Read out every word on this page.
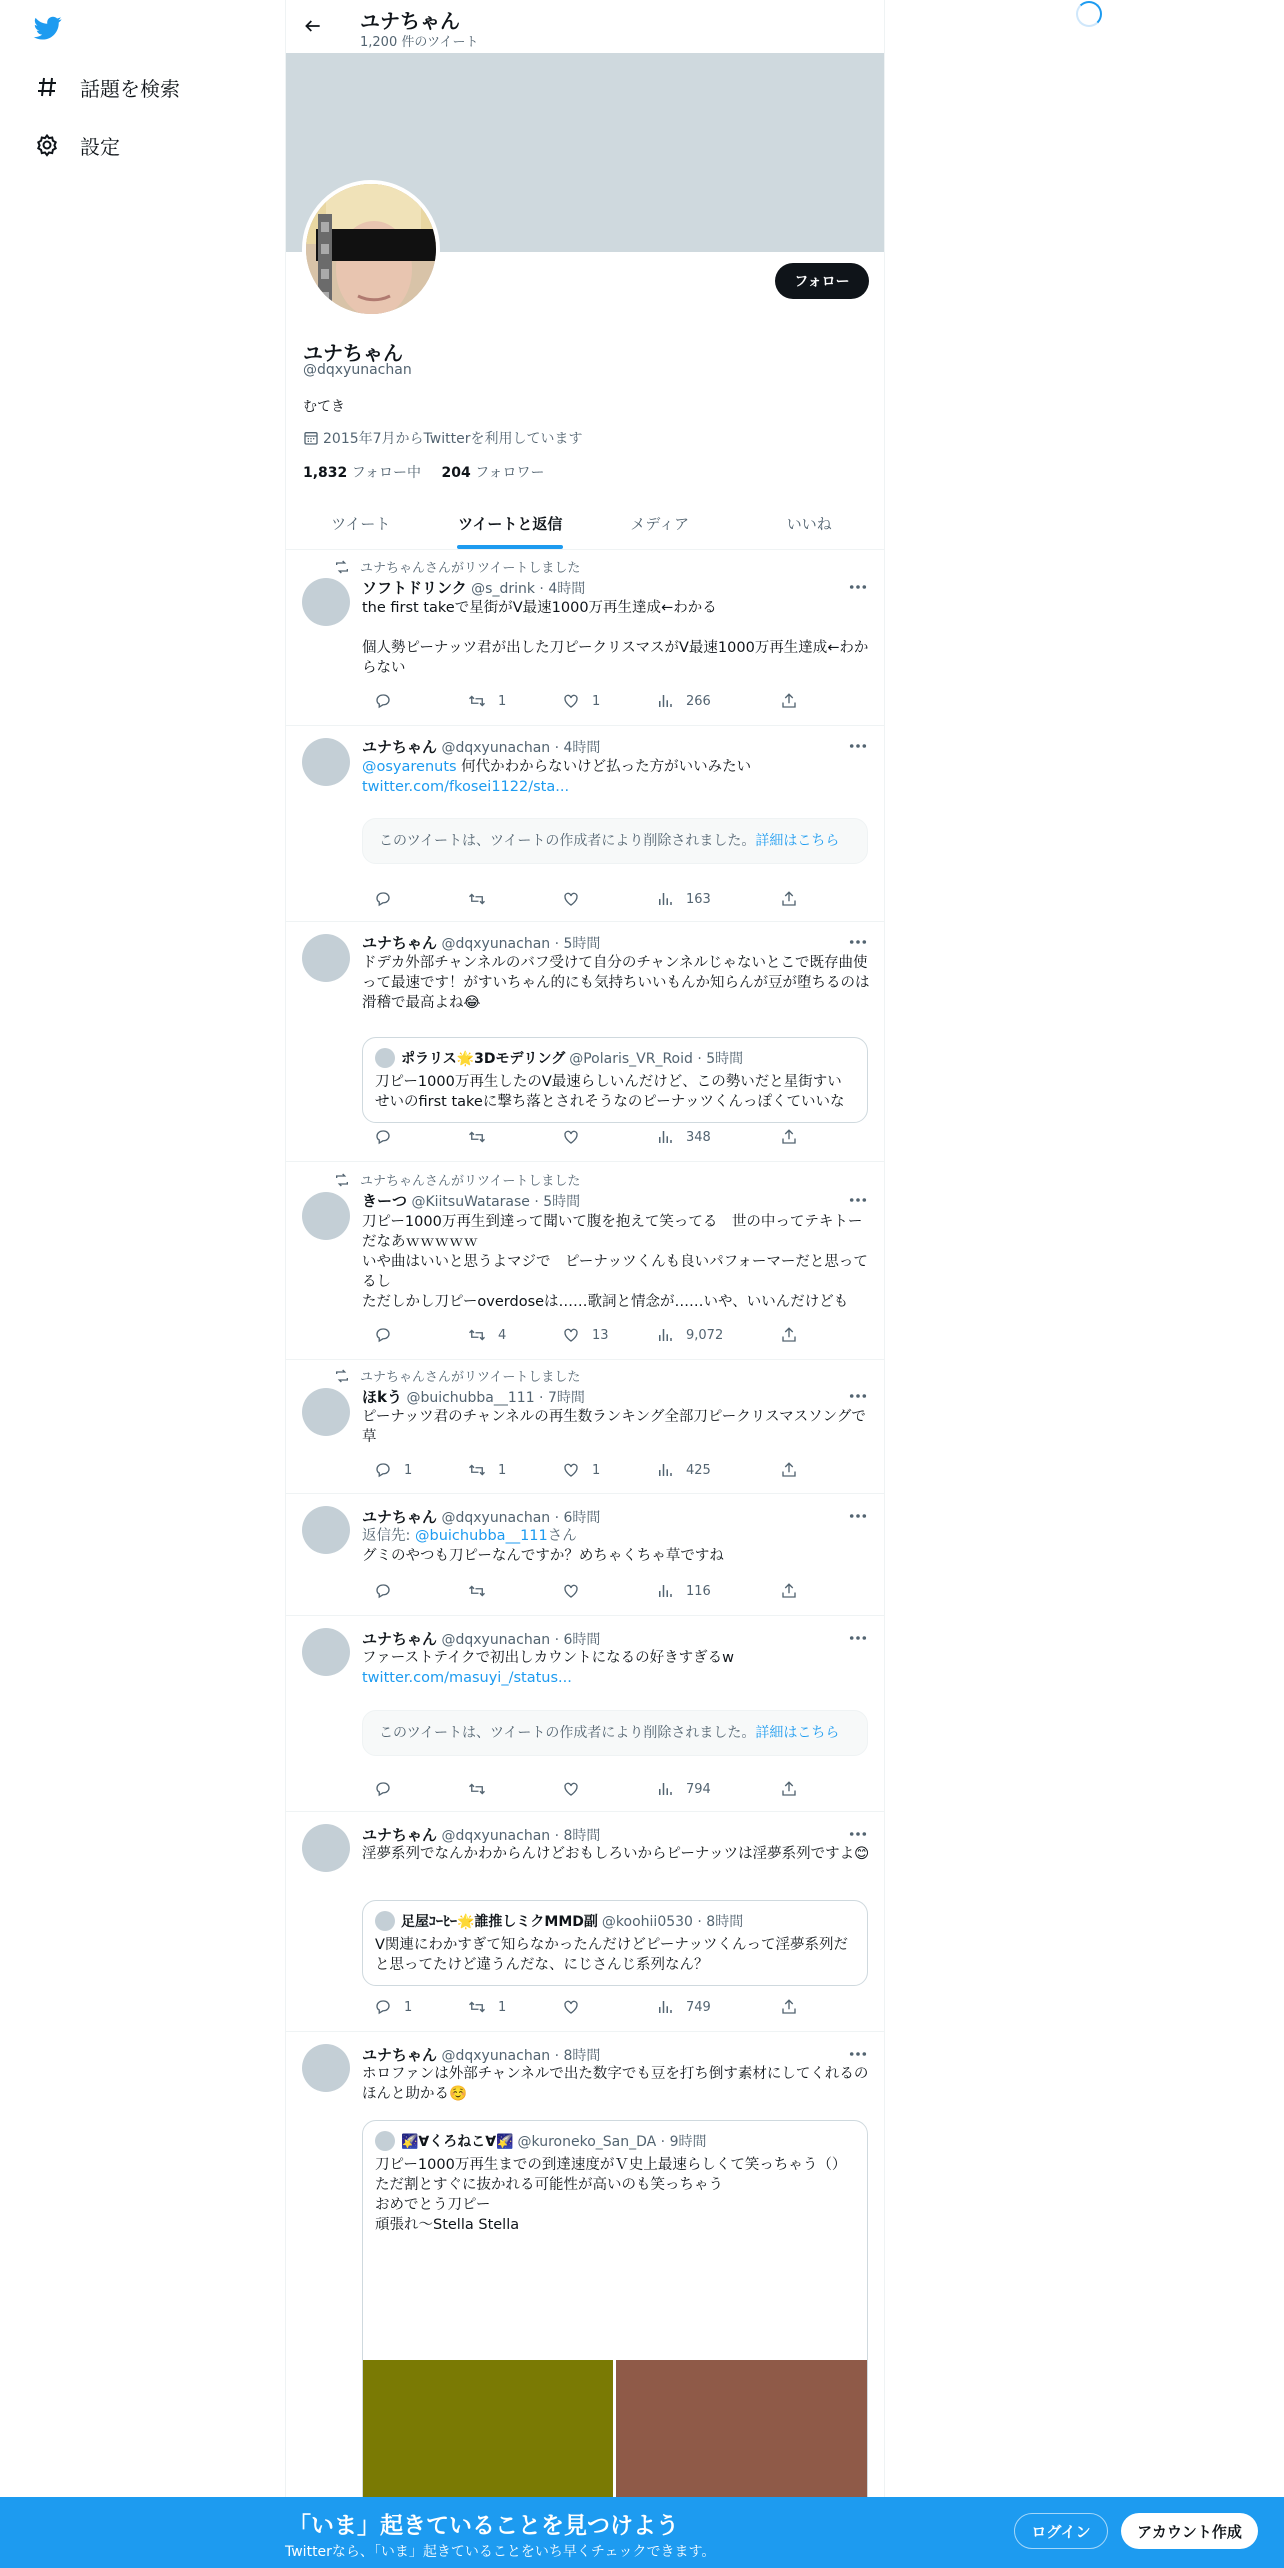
話題を検索
設定
ユナちゃん
1,200 件のツイート
フォロー
ユナちゃん
@dqxyunachan
むてき
2015年7月からTwitterを利用しています
1,832 フォロー中 204 フォロワー
ツイート	ツイートと返信	メディア	いいね
ユナちゃんさんがリツイートしました
ソフトドリンク @s_drink · 4時間
the first takeで星街がV最速1000万再生達成←わかる

個人勢ピーナッツ君が出した刀ピークリスマスがV最速1000万再生達成←わからない
1	1	266
ユナちゃん @dqxyunachan · 4時間
@osyarenuts 何代かわからないけど払った方がいいみたい
twitter.com/fkosei1122/sta...
このツイートは、ツイートの作成者により削除されました。詳細はこちら
163
ユナちゃん @dqxyunachan · 5時間
ドデカ外部チャンネルのバフ受けて自分のチャンネルじゃないとこで既存曲使って最速です！がすいちゃん的にも気持ちいいもんか知らんが豆が堕ちるのは滑稽で最高よね😂
ポラリス🌟3Dモデリング @Polaris_VR_Roid · 5時間
刀ピー1000万再生したのV最速らしいんだけど、この勢いだと星街すいせいのfirst takeに撃ち落とされそうなのピーナッツくんっぽくていいな
348
ユナちゃんさんがリツイートしました
きーつ @KiitsuWatarase · 5時間
刀ピー1000万再生到達って聞いて腹を抱えて笑ってる　世の中ってテキトーだなあｗｗｗｗｗ
いや曲はいいと思うよマジで　ピーナッツくんも良いパフォーマーだと思ってるし
ただしかし刀ピーoverdoseは……歌詞と情念が……いや、いいんだけども
4	13	9,072
ユナちゃんさんがリツイートしました
ほkう @buichubba__111 · 7時間
ピーナッツ君のチャンネルの再生数ランキング全部刀ピークリスマスソングで草
1	1	1	425
ユナちゃん @dqxyunachan · 6時間
返信先: @buichubba__111さん
グミのやつも刀ピーなんですか？めちゃくちゃ草ですね
116
ユナちゃん @dqxyunachan · 6時間
ファーストテイクで初出しカウントになるの好きすぎるw
twitter.com/masuyi_/status...
このツイートは、ツイートの作成者により削除されました。詳細はこちら
794
ユナちゃん @dqxyunachan · 8時間
淫夢系列でなんかわからんけどおもしろいからピーナッツは淫夢系列ですよ😊
足屋ｺｰﾋｰ🌟誰推しミクMMD副 @koohii0530 · 8時間
V関連にわかすぎて知らなかったんだけどピーナッツくんって淫夢系列だと思ってたけど違うんだな、にじさんじ系列なん？
1	1	749
ユナちゃん @dqxyunachan · 8時間
ホロファンは外部チャンネルで出た数字でも豆を打ち倒す素材にしてくれるのほんと助かる☺️
🌠∀くろねこ∀🌠 @kuroneko_San_DA · 9時間
刀ピー1000万再生までの到達速度がＶ史上最速らしくて笑っちゃう（）
ただ割とすぐに抜かれる可能性が高いのも笑っちゃう
おめでとう刀ピー
頑張れ〜Stella Stella
「いま」起きていることを見つけよう
Twitterなら、「いま」起きていることをいち早くチェックできます。
ログイン	アカウント作成
